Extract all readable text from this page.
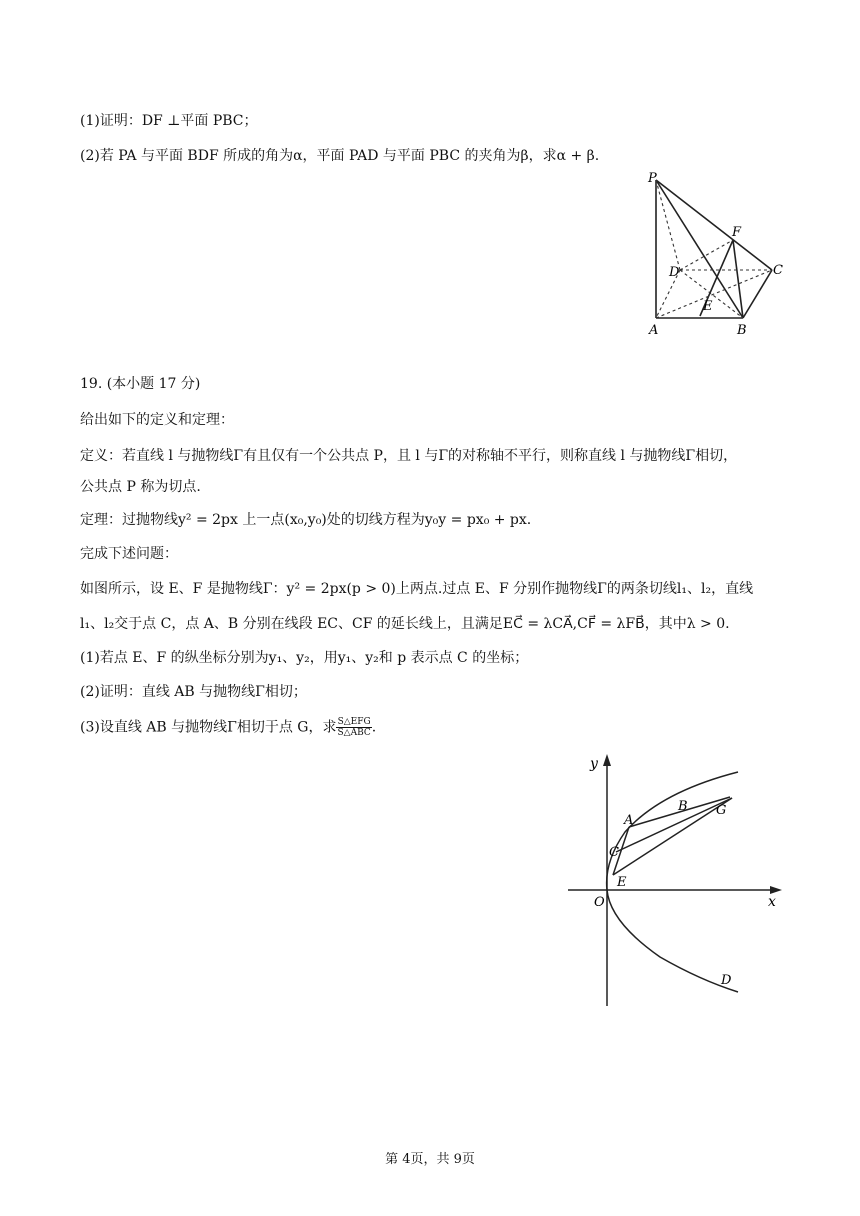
(1)证明：DF ⊥平面 PBC；
(2)若 PA 与平面 BDF 所成的角为α，平面 PAD 与平面 PBC 的夹角为β，求α + β.
P
F
D	C
E
A	B
19. (本小题 17 分)
给出如下的定义和定理：
定义：若直线 l 与抛物线Γ有且仅有一个公共点 P，且 l 与Γ的对称轴不平行，则称直线 l 与抛物线Γ相切，
公共点 P 称为切点.
定理：过抛物线y² = 2px 上一点(x₀,y₀)处的切线方程为y₀y = px₀ + px.
完成下述问题：
如图所示，设 E、F 是抛物线Γ：y² = 2px(p > 0)上两点.过点 E、F 分别作抛物线Γ的两条切线l₁、l₂，直线
l₁、l₂交于点 C，点 A、B 分别在线段 EC、CF 的延长线上，且满足EC⃗ = λCA⃗,CF⃗ = λFB⃗，其中λ > 0.
(1)若点 E、F 的纵坐标分别为y₁、y₂，用y₁、y₂和 p 表示点 C 的坐标；
(2)证明：直线 AB 与抛物线Γ相切；
(3)设直线 AB 与抛物线Γ相切于点 G，求 $\frac{\text{S△EFG}}{\text{S△ABC}}$ .
y
x
O
A
B G
C
E
D
第 4页，共 9页
